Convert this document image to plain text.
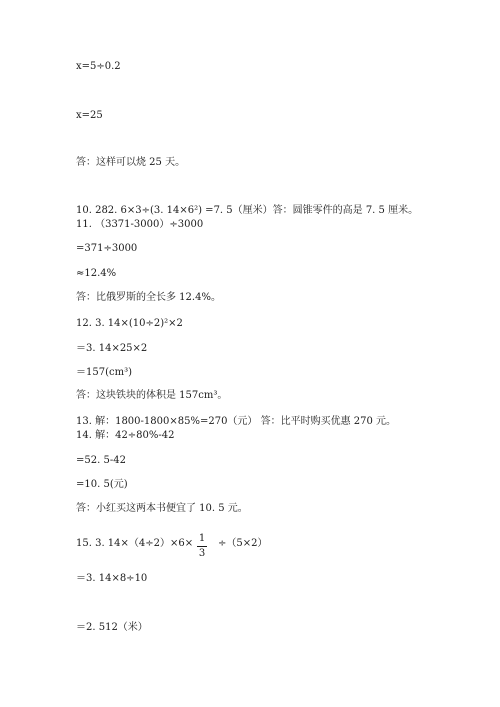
x=5÷0.2
x=25
答：这样可以烧 25 天。
10. 282. 6×3÷(3. 14×6²) =7. 5（厘米）答：圆锥零件的高是 7. 5 厘米。
11. （3371-3000）÷3000
=371÷3000
≈12.4%
答：比俄罗斯的全长多 12.4%。
12. 3. 14×(10÷2)²×2
＝3. 14×25×2
＝157(cm³)
答：这块铁块的体积是 157cm³。
13. 解：1800-1800×85%=270（元） 答：比平时购买优惠 270 元。
14. 解：42÷80%-42
=52. 5-42
=10. 5(元)
答：小红买这两本书便宜了 10. 5 元。
15. 3. 14×（4÷2）×6× 1
3
÷（5×2）
＝3. 14×8÷10
＝2. 512（米）
